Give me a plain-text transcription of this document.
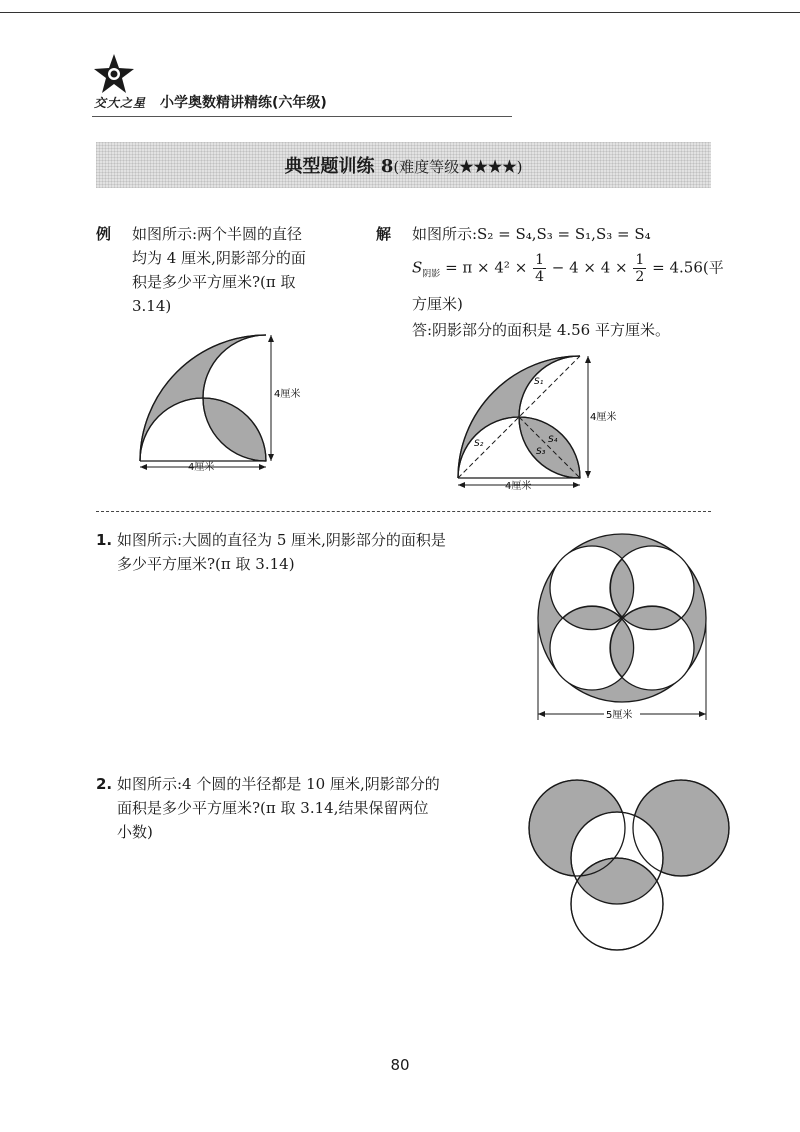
交大之星 小学奥数精讲精练(六年级)
典型题训练 8(难度等级★★★★)
例 如图所示:两个半圆的直径
均为 4 厘米,阴影部分的面
积是多少平方厘米?(π 取
3.14)
4厘米
4厘米
解 如图所示:S₂ = S₄,S₃ = S₁,S₃ = S₄
$S_{阴影} = \pi \times 4^2 \times \frac{1}{4} - 4 \times 4 \times \frac{1}{2} = 4.56$(平
方厘米)
答:阴影部分的面积是 4.56 平方厘米。
S₁
S₂
S₃
S₄
4厘米
4厘米
1. 如图所示:大圆的直径为 5 厘米,阴影部分的面积是
多少平方厘米?(π 取 3.14)
5厘米
2. 如图所示:4 个圆的半径都是 10 厘米,阴影部分的
面积是多少平方厘米?(π 取 3.14,结果保留两位
小数)
80
